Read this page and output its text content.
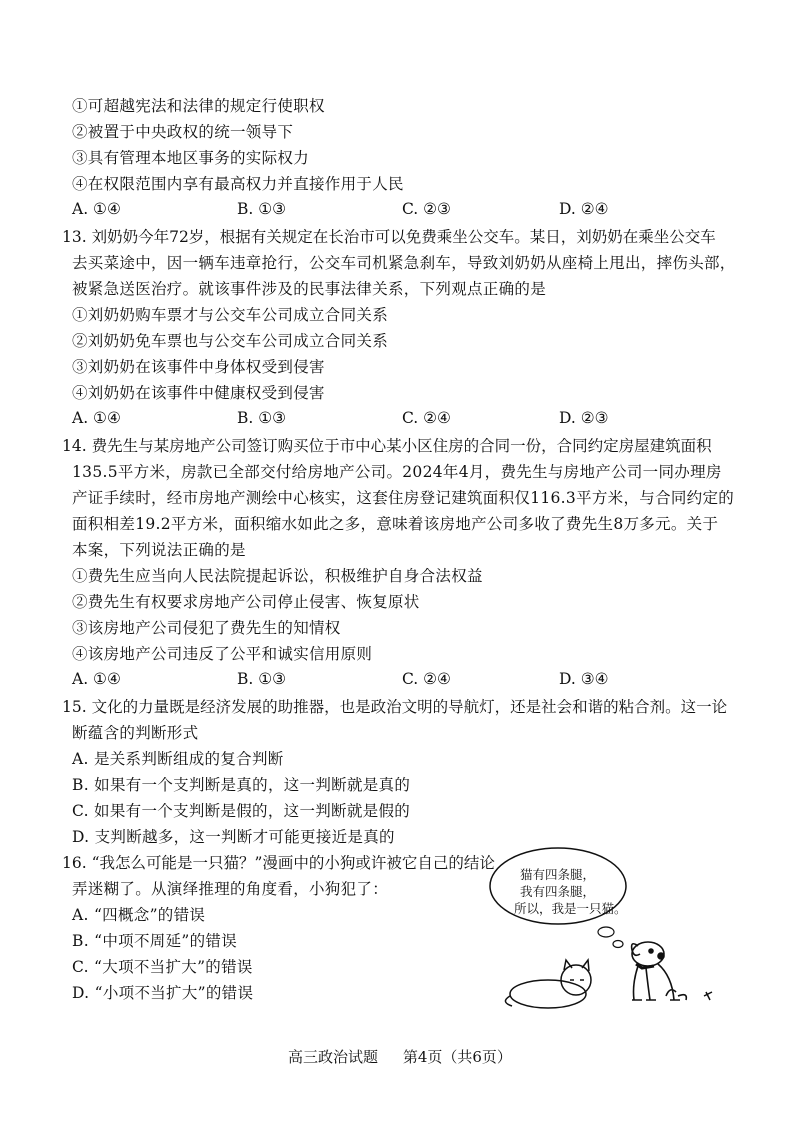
①可超越宪法和法律的规定行使职权
②被置于中央政权的统一领导下
③具有管理本地区事务的实际权力
④在权限范围内享有最高权力并直接作用于人民
A. ①④	B. ①③	C. ②③	D. ②④
13. 刘奶奶今年72岁，根据有关规定在长治市可以免费乘坐公交车。某日，刘奶奶在乘坐公交车
去买菜途中，因一辆车违章抢行，公交车司机紧急刹车，导致刘奶奶从座椅上甩出，摔伤头部，
被紧急送医治疗。就该事件涉及的民事法律关系，下列观点正确的是
①刘奶奶购车票才与公交车公司成立合同关系
②刘奶奶免车票也与公交车公司成立合同关系
③刘奶奶在该事件中身体权受到侵害
④刘奶奶在该事件中健康权受到侵害
A. ①④	B. ①③	C. ②④	D. ②③
14. 费先生与某房地产公司签订购买位于市中心某小区住房的合同一份，合同约定房屋建筑面积
135.5平方米，房款已全部交付给房地产公司。2024年4月，费先生与房地产公司一同办理房
产证手续时，经市房地产测绘中心核实，这套住房登记建筑面积仅116.3平方米，与合同约定的
面积相差19.2平方米，面积缩水如此之多，意味着该房地产公司多收了费先生8万多元。关于
本案，下列说法正确的是
①费先生应当向人民法院提起诉讼，积极维护自身合法权益
②费先生有权要求房地产公司停止侵害、恢复原状
③该房地产公司侵犯了费先生的知情权
④该房地产公司违反了公平和诚实信用原则
A. ①④	B. ①③	C. ②④	D. ③④
15. 文化的力量既是经济发展的助推器，也是政治文明的导航灯，还是社会和谐的粘合剂。这一论
断蕴含的判断形式
A. 是关系判断组成的复合判断
B. 如果有一个支判断是真的，这一判断就是真的
C. 如果有一个支判断是假的，这一判断就是假的
D. 支判断越多，这一判断才可能更接近是真的
16. “我怎么可能是一只猫？”漫画中的小狗或许被它自己的结论
弄迷糊了。从演绎推理的角度看，小狗犯了：
A. “四概念”的错误
B. “中项不周延”的错误
C. “大项不当扩大”的错误
D. “小项不当扩大”的错误
猫有四条腿，
我有四条腿，
所以，我是一只猫。
高三政治试题 第4页（共6页）
